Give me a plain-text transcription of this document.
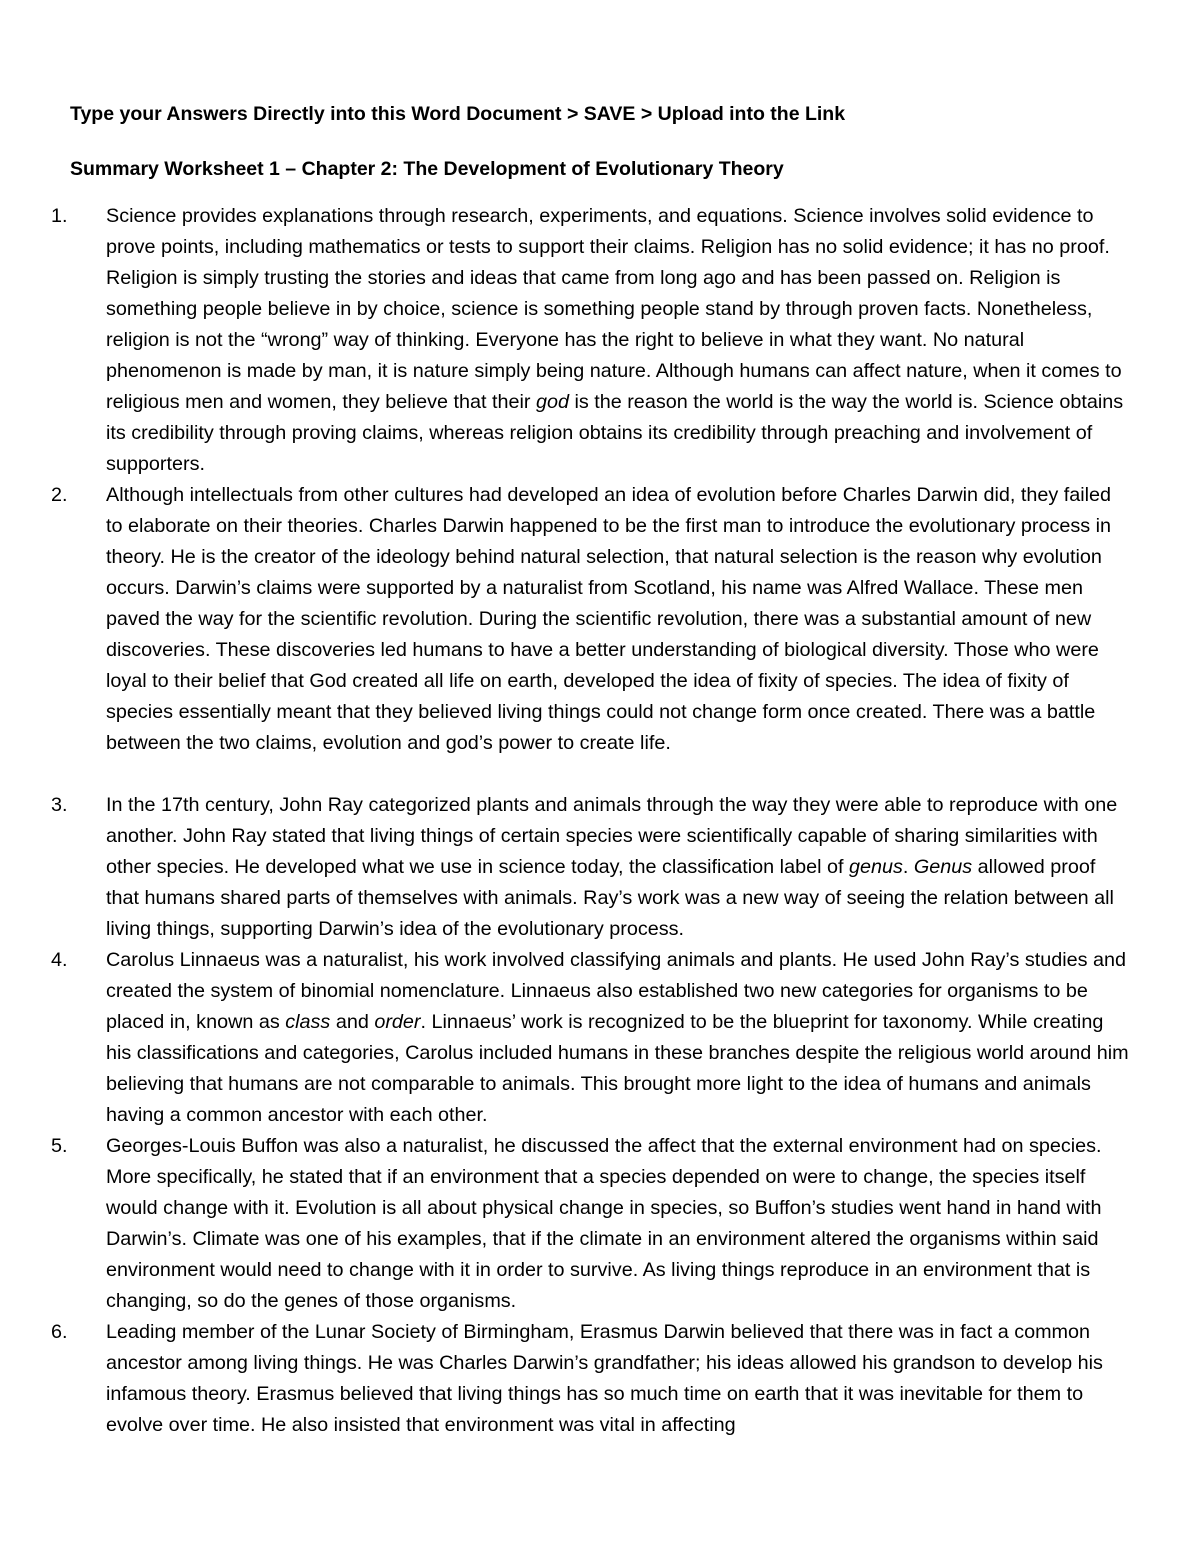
Type your Answers Directly into this Word Document > SAVE > Upload into the Link
Summary Worksheet 1 – Chapter 2: The Development of Evolutionary Theory
1. Science provides explanations through research, experiments, and equations. Science involves solid evidence to prove points, including mathematics or tests to support their claims. Religion has no solid evidence; it has no proof. Religion is simply trusting the stories and ideas that came from long ago and has been passed on. Religion is something people believe in by choice, science is something people stand by through proven facts. Nonetheless, religion is not the “wrong” way of thinking. Everyone has the right to believe in what they want. No natural phenomenon is made by man, it is nature simply being nature. Although humans can affect nature, when it comes to religious men and women, they believe that their god is the reason the world is the way the world is. Science obtains its credibility through proving claims, whereas religion obtains its credibility through preaching and involvement of supporters.

2. Although intellectuals from other cultures had developed an idea of evolution before Charles Darwin did, they failed to elaborate on their theories. Charles Darwin happened to be the first man to introduce the evolutionary process in theory. He is the creator of the ideology behind natural selection, that natural selection is the reason why evolution occurs. Darwin’s claims were supported by a naturalist from Scotland, his name was Alfred Wallace. These men paved the way for the scientific revolution. During the scientific revolution, there was a substantial amount of new discoveries. These discoveries led humans to have a better understanding of biological diversity. Those who were loyal to their belief that God created all life on earth, developed the idea of fixity of species. The idea of fixity of species essentially meant that they believed living things could not change form once created. There was a battle between the two claims, evolution and god’s power to create life.

3. In the 17th century, John Ray categorized plants and animals through the way they were able to reproduce with one another. John Ray stated that living things of certain species were scientifically capable of sharing similarities with other species. He developed what we use in science today, the classification label of genus. Genus allowed proof that humans shared parts of themselves with animals. Ray’s work was a new way of seeing the relation between all living things, supporting Darwin’s idea of the evolutionary process.

4. Carolus Linnaeus was a naturalist, his work involved classifying animals and plants. He used John Ray’s studies and created the system of binomial nomenclature. Linnaeus also established two new categories for organisms to be placed in, known as class and order. Linnaeus’ work is recognized to be the blueprint for taxonomy. While creating his classifications and categories, Carolus included humans in these branches despite the religious world around him believing that humans are not comparable to animals. This brought more light to the idea of humans and animals having a common ancestor with each other.

5. Georges-Louis Buffon was also a naturalist, he discussed the affect that the external environment had on species. More specifically, he stated that if an environment that a species depended on were to change, the species itself would change with it. Evolution is all about physical change in species, so Buffon’s studies went hand in hand with Darwin’s. Climate was one of his examples, that if the climate in an environment altered the organisms within said environment would need to change with it in order to survive. As living things reproduce in an environment that is changing, so do the genes of those organisms.

6. Leading member of the Lunar Society of Birmingham, Erasmus Darwin believed that there was in fact a common ancestor among living things. He was Charles Darwin’s grandfather; his ideas allowed his grandson to develop his infamous theory. Erasmus believed that living things has so much time on earth that it was inevitable for them to evolve over time. He also insisted that environment was vital in affecting
